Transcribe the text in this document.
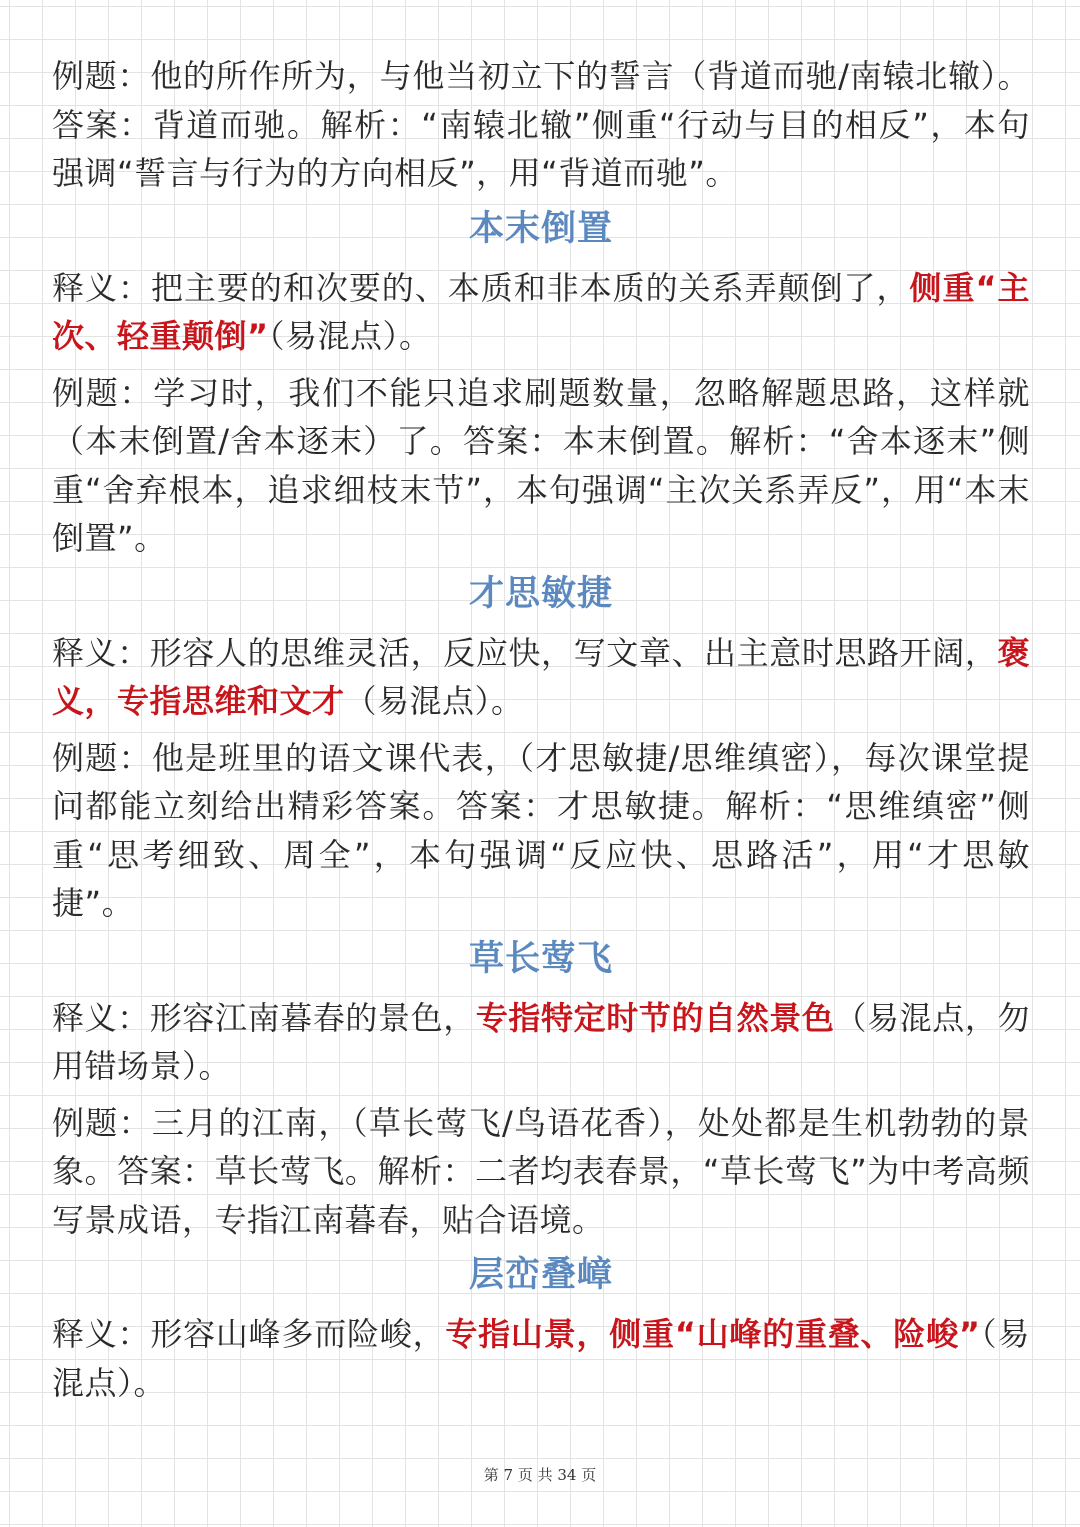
例题：他的所作所为，与他当初立下的誓言（背道而驰/南辕北辙）。答案：背道而驰。解析：“南辕北辙”侧重“行动与目的相反”，本句强调“誓言与行为的方向相反”，用“背道而驰”。

本末倒置

释义：把主要的和次要的、本质和非本质的关系弄颠倒了，侧重“主次、轻重颠倒”（易混点）。

例题：学习时，我们不能只追求刷题数量，忽略解题思路，这样就（本末倒置/舍本逐末）了。答案：本末倒置。解析：“舍本逐末”侧重“舍弃根本，追求细枝末节”，本句强调“主次关系弄反”，用“本末倒置”。

才思敏捷

释义：形容人的思维灵活，反应快，写文章、出主意时思路开阔，褒义，专指思维和文才（易混点）。

例题：他是班里的语文课代表，（才思敏捷/思维缜密），每次课堂提问都能立刻给出精彩答案。答案：才思敏捷。解析：“思维缜密”侧重“思考细致、周全”，本句强调“反应快、思路活”，用“才思敏捷”。

草长莺飞

释义：形容江南暮春的景色，专指特定时节的自然景色（易混点，勿用错场景）。

例题：三月的江南，（草长莺飞/鸟语花香），处处都是生机勃勃的景象。答案：草长莺飞。解析：二者均表春景，“草长莺飞”为中考高频写景成语，专指江南暮春，贴合语境。

层峦叠嶂

释义：形容山峰多而险峻，专指山景，侧重“山峰的重叠、险峻”（易混点）。

第 7 页 共 34 页
